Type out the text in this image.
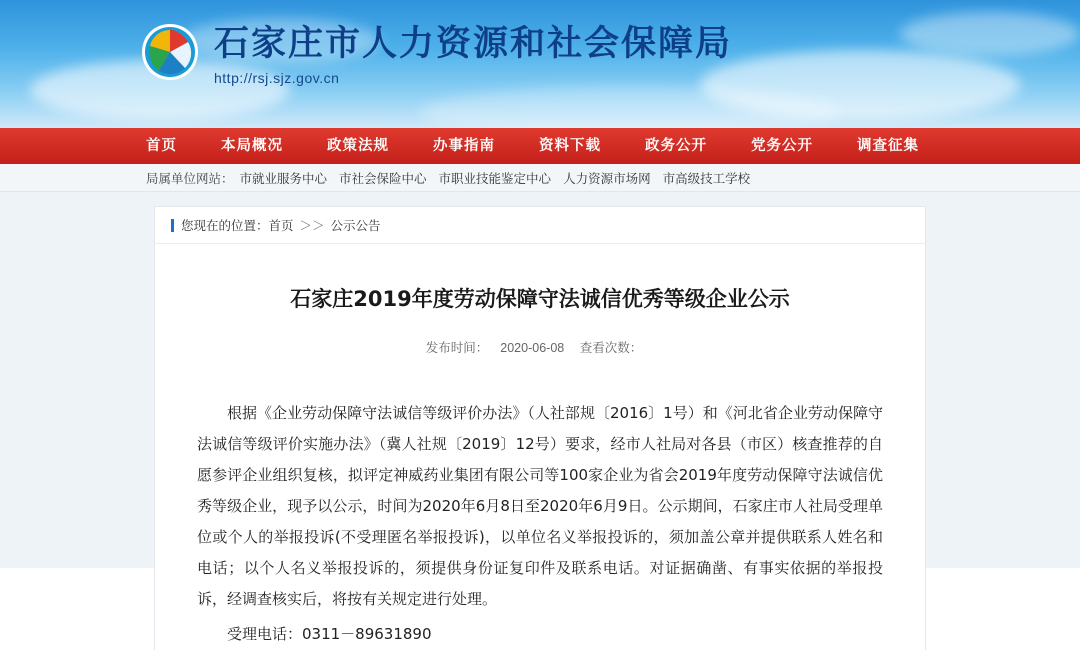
石家庄市人力资源和社会保障局
http://rsj.sjz.gov.cn
首页	本局概况	政策法规	办事指南	资料下载	政务公开	党务公开	调查征集
局属单位网站： 市就业服务中心 市社会保险中心 市职业技能鉴定中心 人力资源市场网 市高级技工学校
您现在的位置： 首页 ＞＞ 公示公告
石家庄2019年度劳动保障守法诚信优秀等级企业公示
发布时间： 2020-06-08 查看次数：

根据《企业劳动保障守法诚信等级评价办法》（人社部规〔2016〕1号）和《河北省企业劳动保障守法诚信等级评价实施办法》（冀人社规〔2019〕12号）要求，经市人社局对各县（市区）核查推荐的自愿参评企业组织复核，拟评定神威药业集团有限公司等100家企业为省会2019年度劳动保障守法诚信优秀等级企业，现予以公示，时间为2020年6月8日至2020年6月9日。公示期间，石家庄市人社局受理单位或个人的举报投诉(不受理匿名举报投诉)，以单位名义举报投诉的，须加盖公章并提供联系人姓名和电话；以个人名义举报投诉的，须提供身份证复印件及联系电话。对证据确凿、有事实依据的举报投诉，经调查核实后，将按有关规定进行处理。

受理电话：0311－89631890
